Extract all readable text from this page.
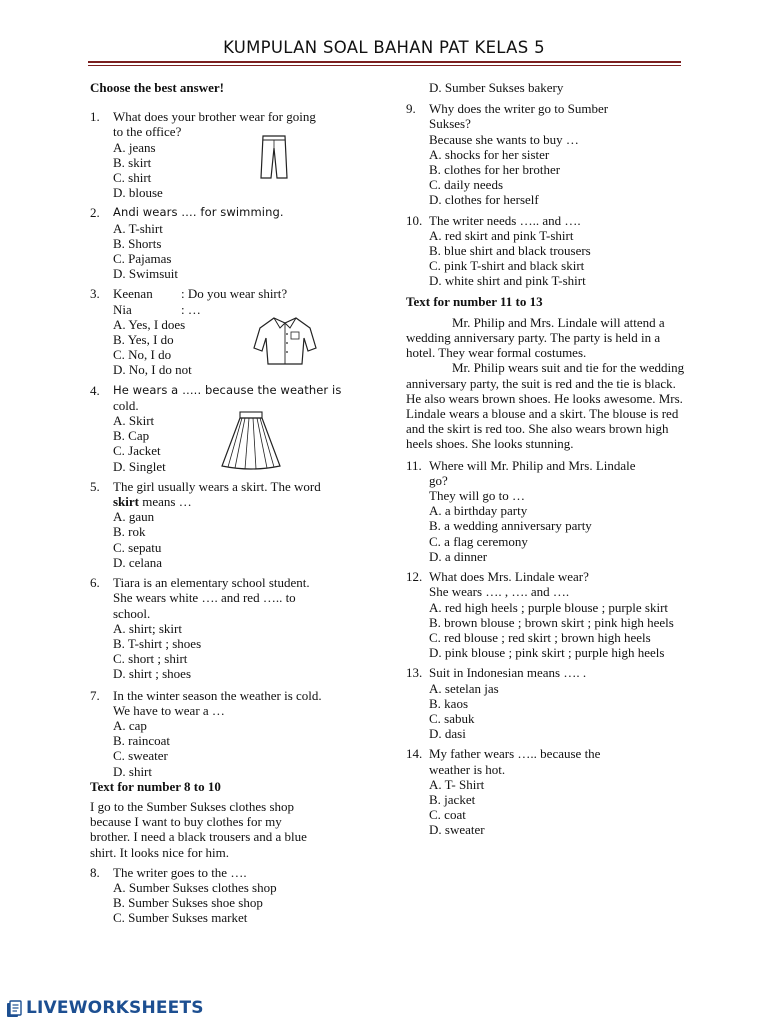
KUMPULAN SOAL BAHAN PAT KELAS 5
Choose the best answer!
1. What does your brother wear for going
to the office?
A. jeans
B. skirt
C. shirt
D. blouse
2. Andi wears …. for swimming.
A. T-shirt
B. Shorts
C. Pajamas
D. Swimsuit
3. Keenan : Do you wear shirt?
Nia	: …
A. Yes, I does
B. Yes, I do
C. No, I do
D. No, I do not
4. He wears a ….. because the weather is
cold.
A. Skirt
B. Cap
C. Jacket
D. Singlet
5. The girl usually wears a skirt. The word
skirt means …
A. gaun
B. rok
C. sepatu
D. celana
6. Tiara is an elementary school student.
She wears white …. and red ….. to
school.
A. shirt; skirt
B. T-shirt ; shoes
C. short ; shirt
D. shirt ; shoes
7. In the winter season the weather is cold.
We have to wear a …
A. cap
B. raincoat
C. sweater
D. shirt
Text for number 8 to 10
I go to the Sumber Sukses clothes shop
because I want to buy clothes for my
brother. I need a black trousers and a blue
shirt. It looks nice for him.
8. The writer goes to the ….
A. Sumber Sukses clothes shop
B. Sumber Sukses shoe shop
C. Sumber Sukses market
D. Sumber Sukses bakery
9. Why does the writer go to Sumber
Sukses?
Because she wants to buy …
A. shocks for her sister
B. clothes for her brother
C. daily needs
D. clothes for herself
10. The writer needs ….. and ….
A. red skirt and pink T-shirt
B. blue shirt and black trousers
C. pink T-shirt and black skirt
D. white shirt and pink T-shirt
Text for number 11 to 13
Mr. Philip and Mrs. Lindale will attend a wedding anniversary party. The party is held in a hotel. They wear formal costumes.
Mr. Philip wears suit and tie for the wedding anniversary party, the suit is red and the tie is black. He also wears brown shoes. He looks awesome. Mrs. Lindale wears a blouse and a skirt. The blouse is red and the skirt is red too. She also wears brown high heels shoes. She looks stunning.
11. Where will Mr. Philip and Mrs. Lindale
go?
They will go to …
A. a birthday party
B. a wedding anniversary party
C. a flag ceremony
D. a dinner
12. What does Mrs. Lindale wear?
She wears …. , …. and ….
A. red high heels ; purple blouse ; purple skirt
B. brown blouse ; brown skirt ; pink high heels
C. red blouse ; red skirt ; brown high heels
D. pink blouse ; pink skirt ; purple high heels
13. Suit in Indonesian means …. .
A. setelan jas
B. kaos
C. sabuk
D. dasi
14. My father wears ….. because the
weather is hot.
A. T- Shirt
B. jacket
C. coat
D. sweater
LIVEWORKSHEETS
